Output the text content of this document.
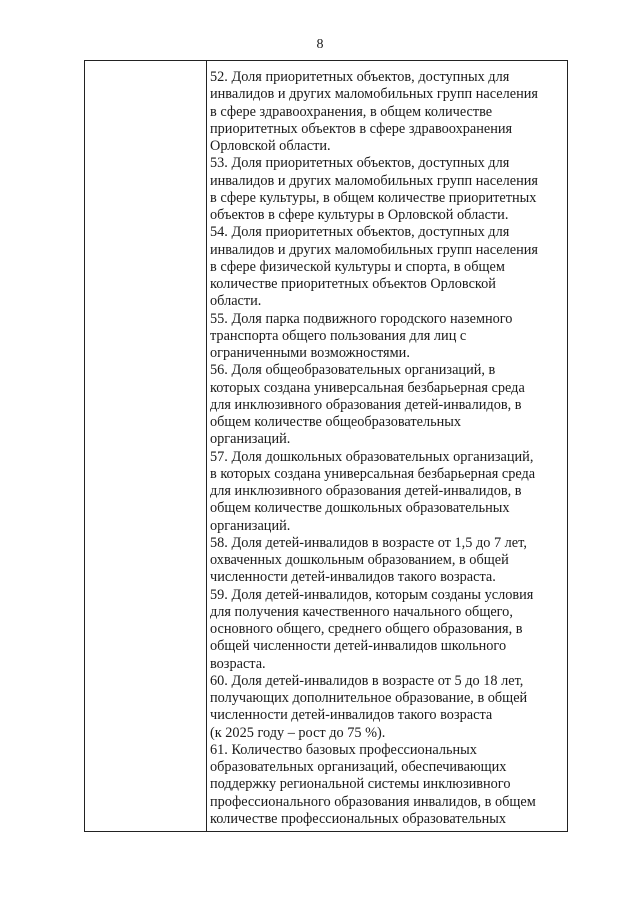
8

52. Доля приоритетных объектов, доступных для
инвалидов и других маломобильных групп населения
в сфере здравоохранения, в общем количестве
приоритетных объектов в сфере здравоохранения
Орловской области.

53. Доля приоритетных объектов, доступных для
инвалидов и других маломобильных групп населения
в сфере культуры, в общем количестве приоритетных
объектов в сфере культуры в Орловской области.

54. Доля приоритетных объектов, доступных для
инвалидов и других маломобильных групп населения
в сфере физической культуры и спорта, в общем
количестве приоритетных объектов Орловской
области.

55. Доля парка подвижного городского наземного
транспорта общего пользования для лиц с
ограниченными возможностями.

56. Доля общеобразовательных организаций, в
которых создана универсальная безбарьерная среда
для инклюзивного образования детей-инвалидов, в
общем количестве общеобразовательных
организаций.

57. Доля дошкольных образовательных организаций,
в которых создана универсальная безбарьерная среда
для инклюзивного образования детей-инвалидов, в
общем количестве дошкольных образовательных
организаций.

58. Доля детей-инвалидов в возрасте от 1,5 до 7 лет,
охваченных дошкольным образованием, в общей
численности детей-инвалидов такого возраста.

59. Доля детей-инвалидов, которым созданы условия
для получения качественного начального общего,
основного общего, среднего общего образования, в
общей численности детей-инвалидов школьного
возраста.

60. Доля детей-инвалидов в возрасте от 5 до 18 лет,
получающих дополнительное образование, в общей
численности детей-инвалидов такого возраста
(к 2025 году – рост до 75 %).

61. Количество базовых профессиональных
образовательных организаций, обеспечивающих
поддержку региональной системы инклюзивного
профессионального образования инвалидов, в общем
количестве профессиональных образовательных
